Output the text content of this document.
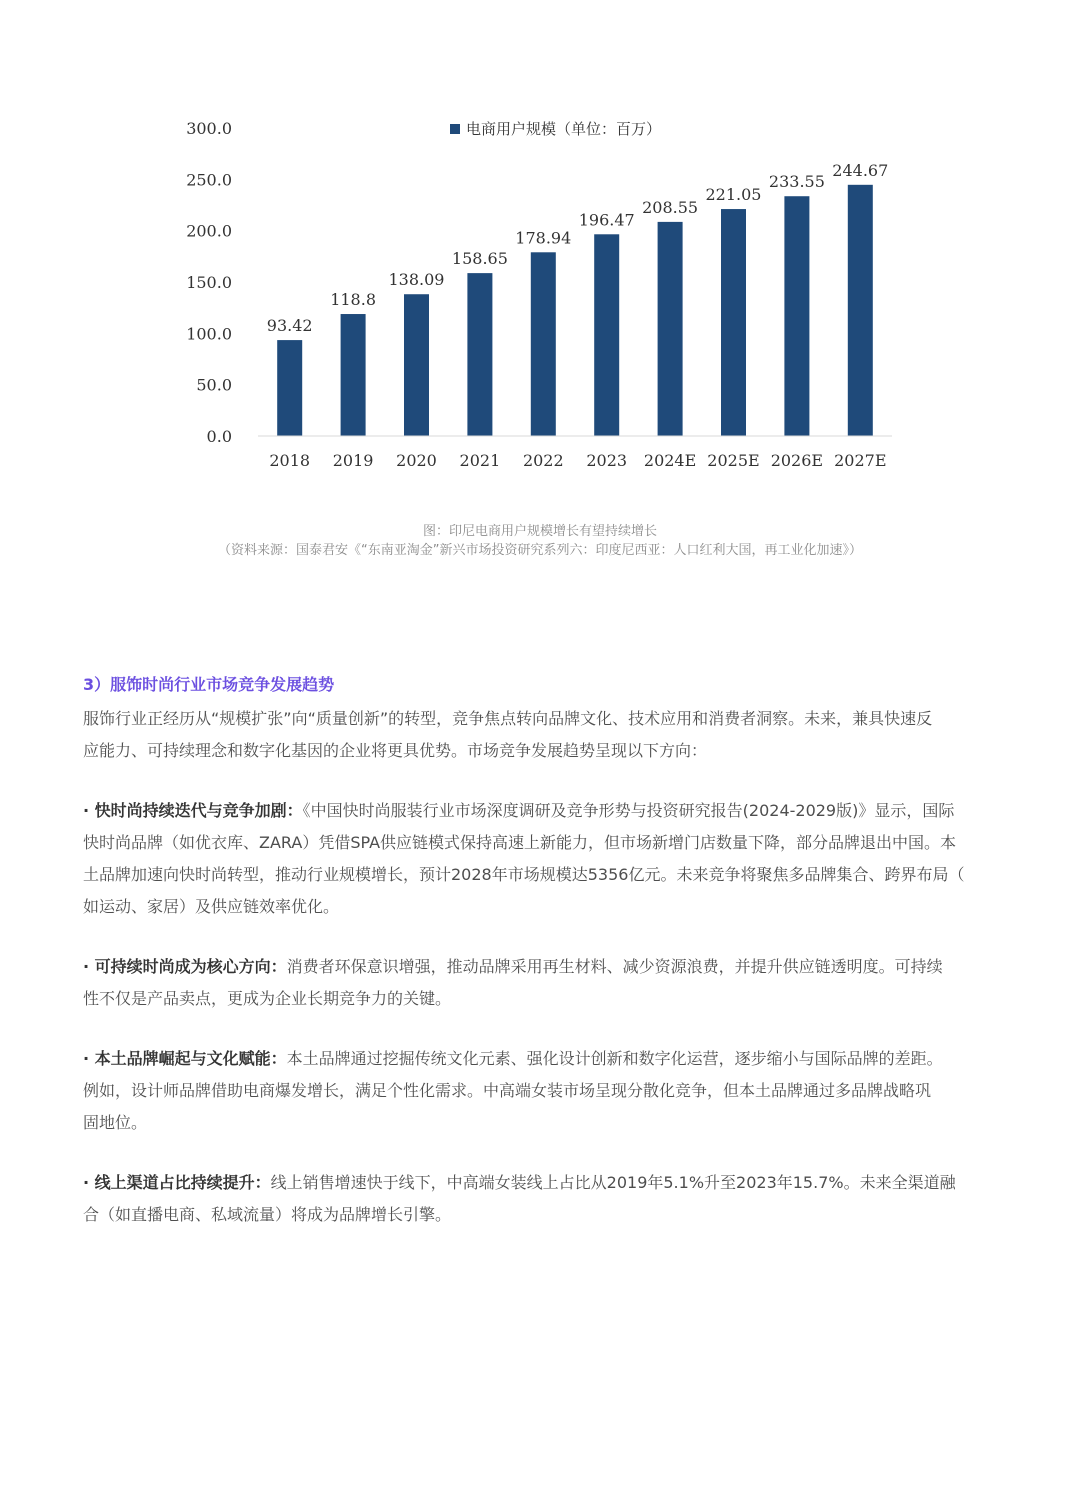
电商用户规模（单位：百万）
0.0
50.0
100.0
150.0
200.0
250.0
300.0
93.42
118.8
138.09
158.65
178.94
196.47
208.55
221.05
233.55
244.67
2018 2019 2020 2021 2022 2023 2024E 2025E 2026E 2027E
图：印尼电商用户规模增长有望持续增长
（资料来源：国泰君安《“东南亚淘金”新兴市场投资研究系列六：印度尼西亚：人口红利大国，再工业化加速》）
3）服饰时尚行业市场竞争发展趋势
服饰行业正经历从“规模扩张”向“质量创新”的转型，竞争焦点转向品牌文化、技术应用和消费者洞察。未来，兼具快速反
应能力、可持续理念和数字化基因的企业将更具优势。市场竞争发展趋势呈现以下方向：
· 快时尚持续迭代与竞争加剧：《中国快时尚服装行业市场深度调研及竞争形势与投资研究报告(2024-2029版)》显示，国际
快时尚品牌（如优衣库、ZARA）凭借SPA供应链模式保持高速上新能力，但市场新增门店数量下降，部分品牌退出中国。本
土品牌加速向快时尚转型，推动行业规模增长，预计2028年市场规模达5356亿元。未来竞争将聚焦多品牌集合、跨界布局（
如运动、家居）及供应链效率优化。
· 可持续时尚成为核心方向：消费者环保意识增强，推动品牌采用再生材料、减少资源浪费，并提升供应链透明度。可持续
性不仅是产品卖点，更成为企业长期竞争力的关键。
· 本土品牌崛起与文化赋能：本土品牌通过挖掘传统文化元素、强化设计创新和数字化运营，逐步缩小与国际品牌的差距。
例如，设计师品牌借助电商爆发增长，满足个性化需求。中高端女装市场呈现分散化竞争，但本土品牌通过多品牌战略巩
固地位。
· 线上渠道占比持续提升：线上销售增速快于线下，中高端女装线上占比从2019年5.1%升至2023年15.7%。未来全渠道融
合（如直播电商、私域流量）将成为品牌增长引擎。
